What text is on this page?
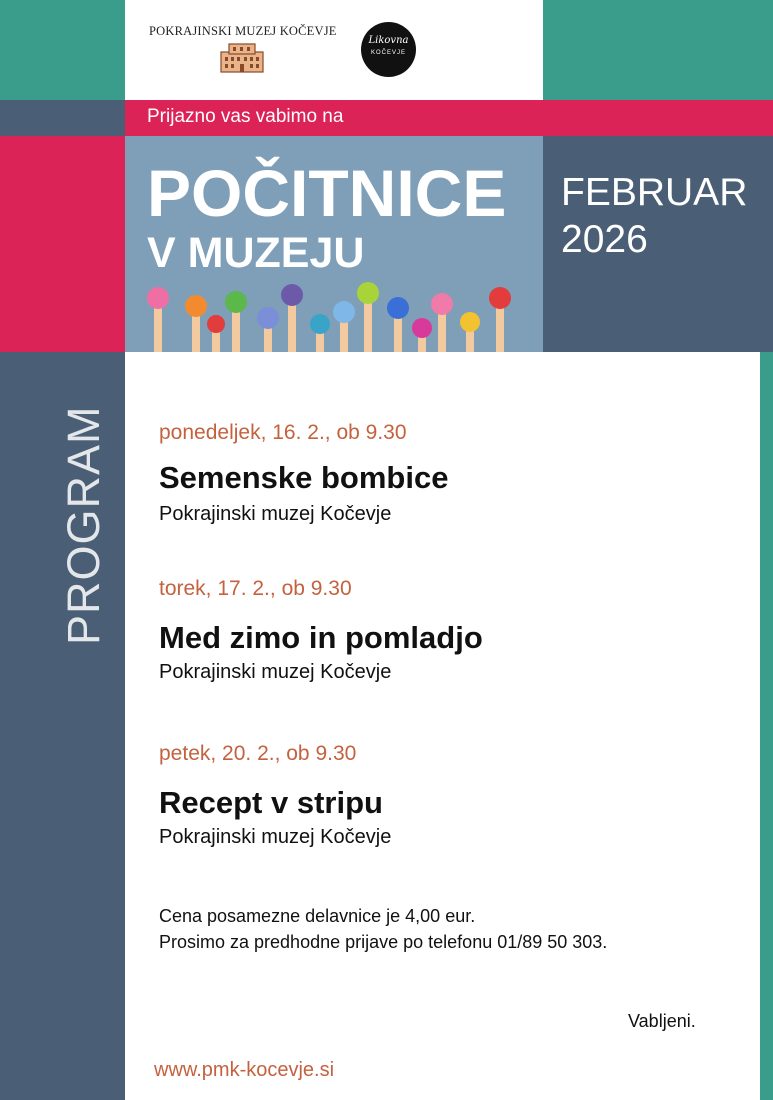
POKRAJINSKI MUZEJ KOČEVJE
Likovna
KOČEVJE
Prijazno vas vabimo na
POČITNICE
V MUZEJU
FEBRUAR
2026
PROGRAM ponedeljek, 16. 2., ob 9.30
Semenske bombice
Pokrajinski muzej Kočevje
torek, 17. 2., ob 9.30
Med zimo in pomladjo
Pokrajinski muzej Kočevje
petek, 20. 2., ob 9.30
Recept v stripu
Pokrajinski muzej Kočevje
Cena posamezne delavnice je 4,00 eur.
Prosimo za predhodne prijave po telefonu 01/89 50 303.
Vabljeni.
www.pmk-kocevje.si
